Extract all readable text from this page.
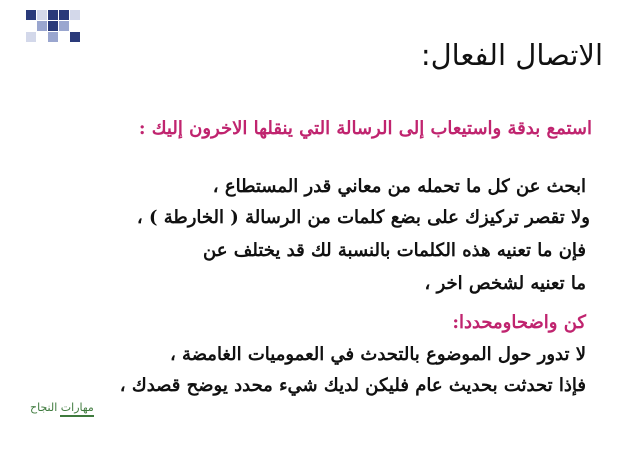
الاتصال الفعال:
استمع بدقة واستيعاب إلى الرسالة التي ينقلها الاخرون إليك :
ابحث عن كل ما تحمله من معاني قدر المستطاع ،
ولا تقصر تركيزك على بضع كلمات من الرسالة ( الخارطة ) ،
فإن ما تعنيه هذه الكلمات بالنسبة لك قد يختلف عن
ما تعنيه لشخص اخر ،
كن واضحاومحددا:
لا تدور حول الموضوع بالتحدث في العموميات الغامضة ،
فإذا تحدثت بحديث عام فليكن لديك شيء محدد يوضح قصدك ،
مهارات النجاح
